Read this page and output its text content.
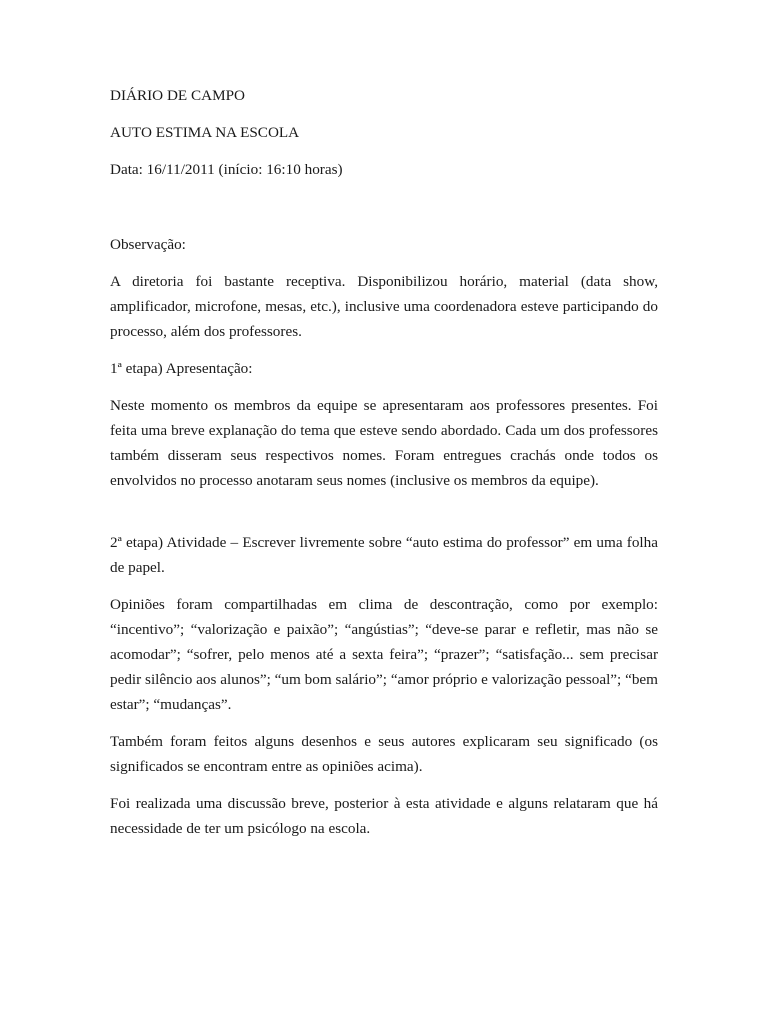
DIÁRIO DE CAMPO

AUTO ESTIMA NA ESCOLA

Data: 16/11/2011 (início: 16:10 horas)

Observação:

A diretoria foi bastante receptiva. Disponibilizou horário, material (data show, amplificador, microfone, mesas, etc.), inclusive uma coordenadora esteve participando do processo, além dos professores.

1ª etapa) Apresentação:

Neste momento os membros da equipe se apresentaram aos professores presentes. Foi feita uma breve explanação do tema que esteve sendo abordado. Cada um dos professores também disseram seus respectivos nomes. Foram entregues crachás onde todos os envolvidos no processo anotaram seus nomes (inclusive os membros da equipe).

2ª etapa) Atividade – Escrever livremente sobre “auto estima do professor” em uma folha de papel.

Opiniões foram compartilhadas em clima de descontração, como por exemplo: “incentivo”; “valorização e paixão”; “angústias”; “deve-se parar e refletir, mas não se acomodar”; “sofrer, pelo menos até a sexta feira”; “prazer”; “satisfação... sem precisar pedir silêncio aos alunos”; “um bom salário”; “amor próprio e valorização pessoal”; “bem estar”; “mudanças”.

Também foram feitos alguns desenhos e seus autores explicaram seu significado (os significados se encontram entre as opiniões acima).

Foi realizada uma discussão breve, posterior à esta atividade e alguns relataram que há necessidade de ter um psicólogo na escola.
